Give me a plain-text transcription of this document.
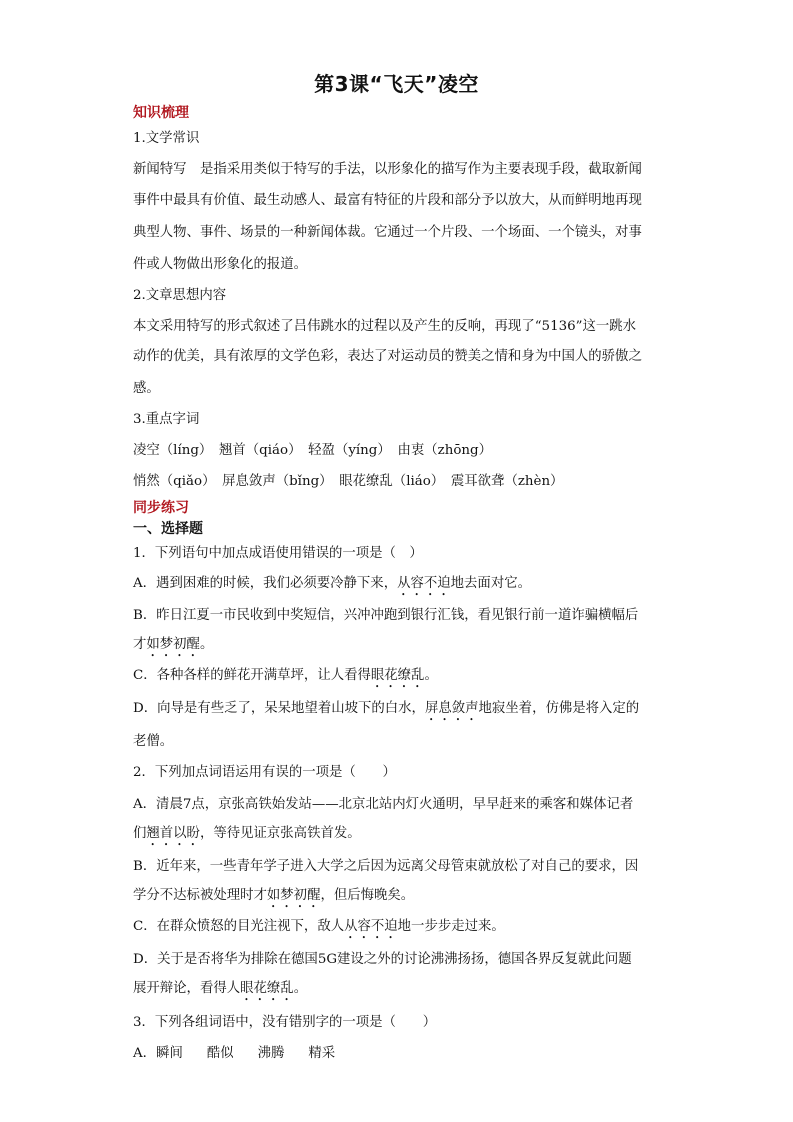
第3课“飞天”凌空
知识梳理
1.文学常识
新闻特写　是指采用类似于特写的手法，以形象化的描写作为主要表现手段，截取新闻
事件中最具有价值、最生动感人、最富有特征的片段和部分予以放大，从而鲜明地再现
典型人物、事件、场景的一种新闻体裁。它通过一个片段、一个场面、一个镜头，对事
件或人物做出形象化的报道。
2.文章思想内容
本文采用特写的形式叙述了吕伟跳水的过程以及产生的反响，再现了“5136”这一跳水
动作的优美，具有浓厚的文学色彩，表达了对运动员的赞美之情和身为中国人的骄傲之
感。
3.重点字词
凌空（líng）　翘首（qiáo）　轻盈（yíng）　由衷（zhōng）
悄然（qiǎo）　屏息敛声（bǐng）　眼花缭乱（liáo）　震耳欲聋（zhèn）
同步练习
一、选择题
1．下列语句中加点成语使用错误的一项是（　）
A．遇到困难的时候，我们必须要冷静下来，从容不迫地去面对它。
B．昨日江夏一市民收到中奖短信，兴冲冲跑到银行汇钱，看见银行前一道诈骗横幅后
才如梦初醒。
C．各种各样的鲜花开满草坪，让人看得眼花缭乱。
D．向导是有些乏了，呆呆地望着山坡下的白水，屏息敛声地寂坐着，仿佛是将入定的
老僧。
2．下列加点词语运用有误的一项是（　　）
A．清晨7点，京张高铁始发站——北京北站内灯火通明，早早赶来的乘客和媒体记者
们翘首以盼，等待见证京张高铁首发。
B．近年来，一些青年学子进入大学之后因为远离父母管束就放松了对自己的要求，因
学分不达标被处理时才如梦初醒，但后悔晚矣。
C．在群众愤怒的目光注视下，敌人从容不迫地一步步走过来。
D．关于是否将华为排除在德国5G建设之外的讨论沸沸扬扬，德国各界反复就此问题
展开辩论，看得人眼花缭乱。
3．下列各组词语中，没有错别字的一项是（　　）
A．瞬间 酷似 沸腾 精采
